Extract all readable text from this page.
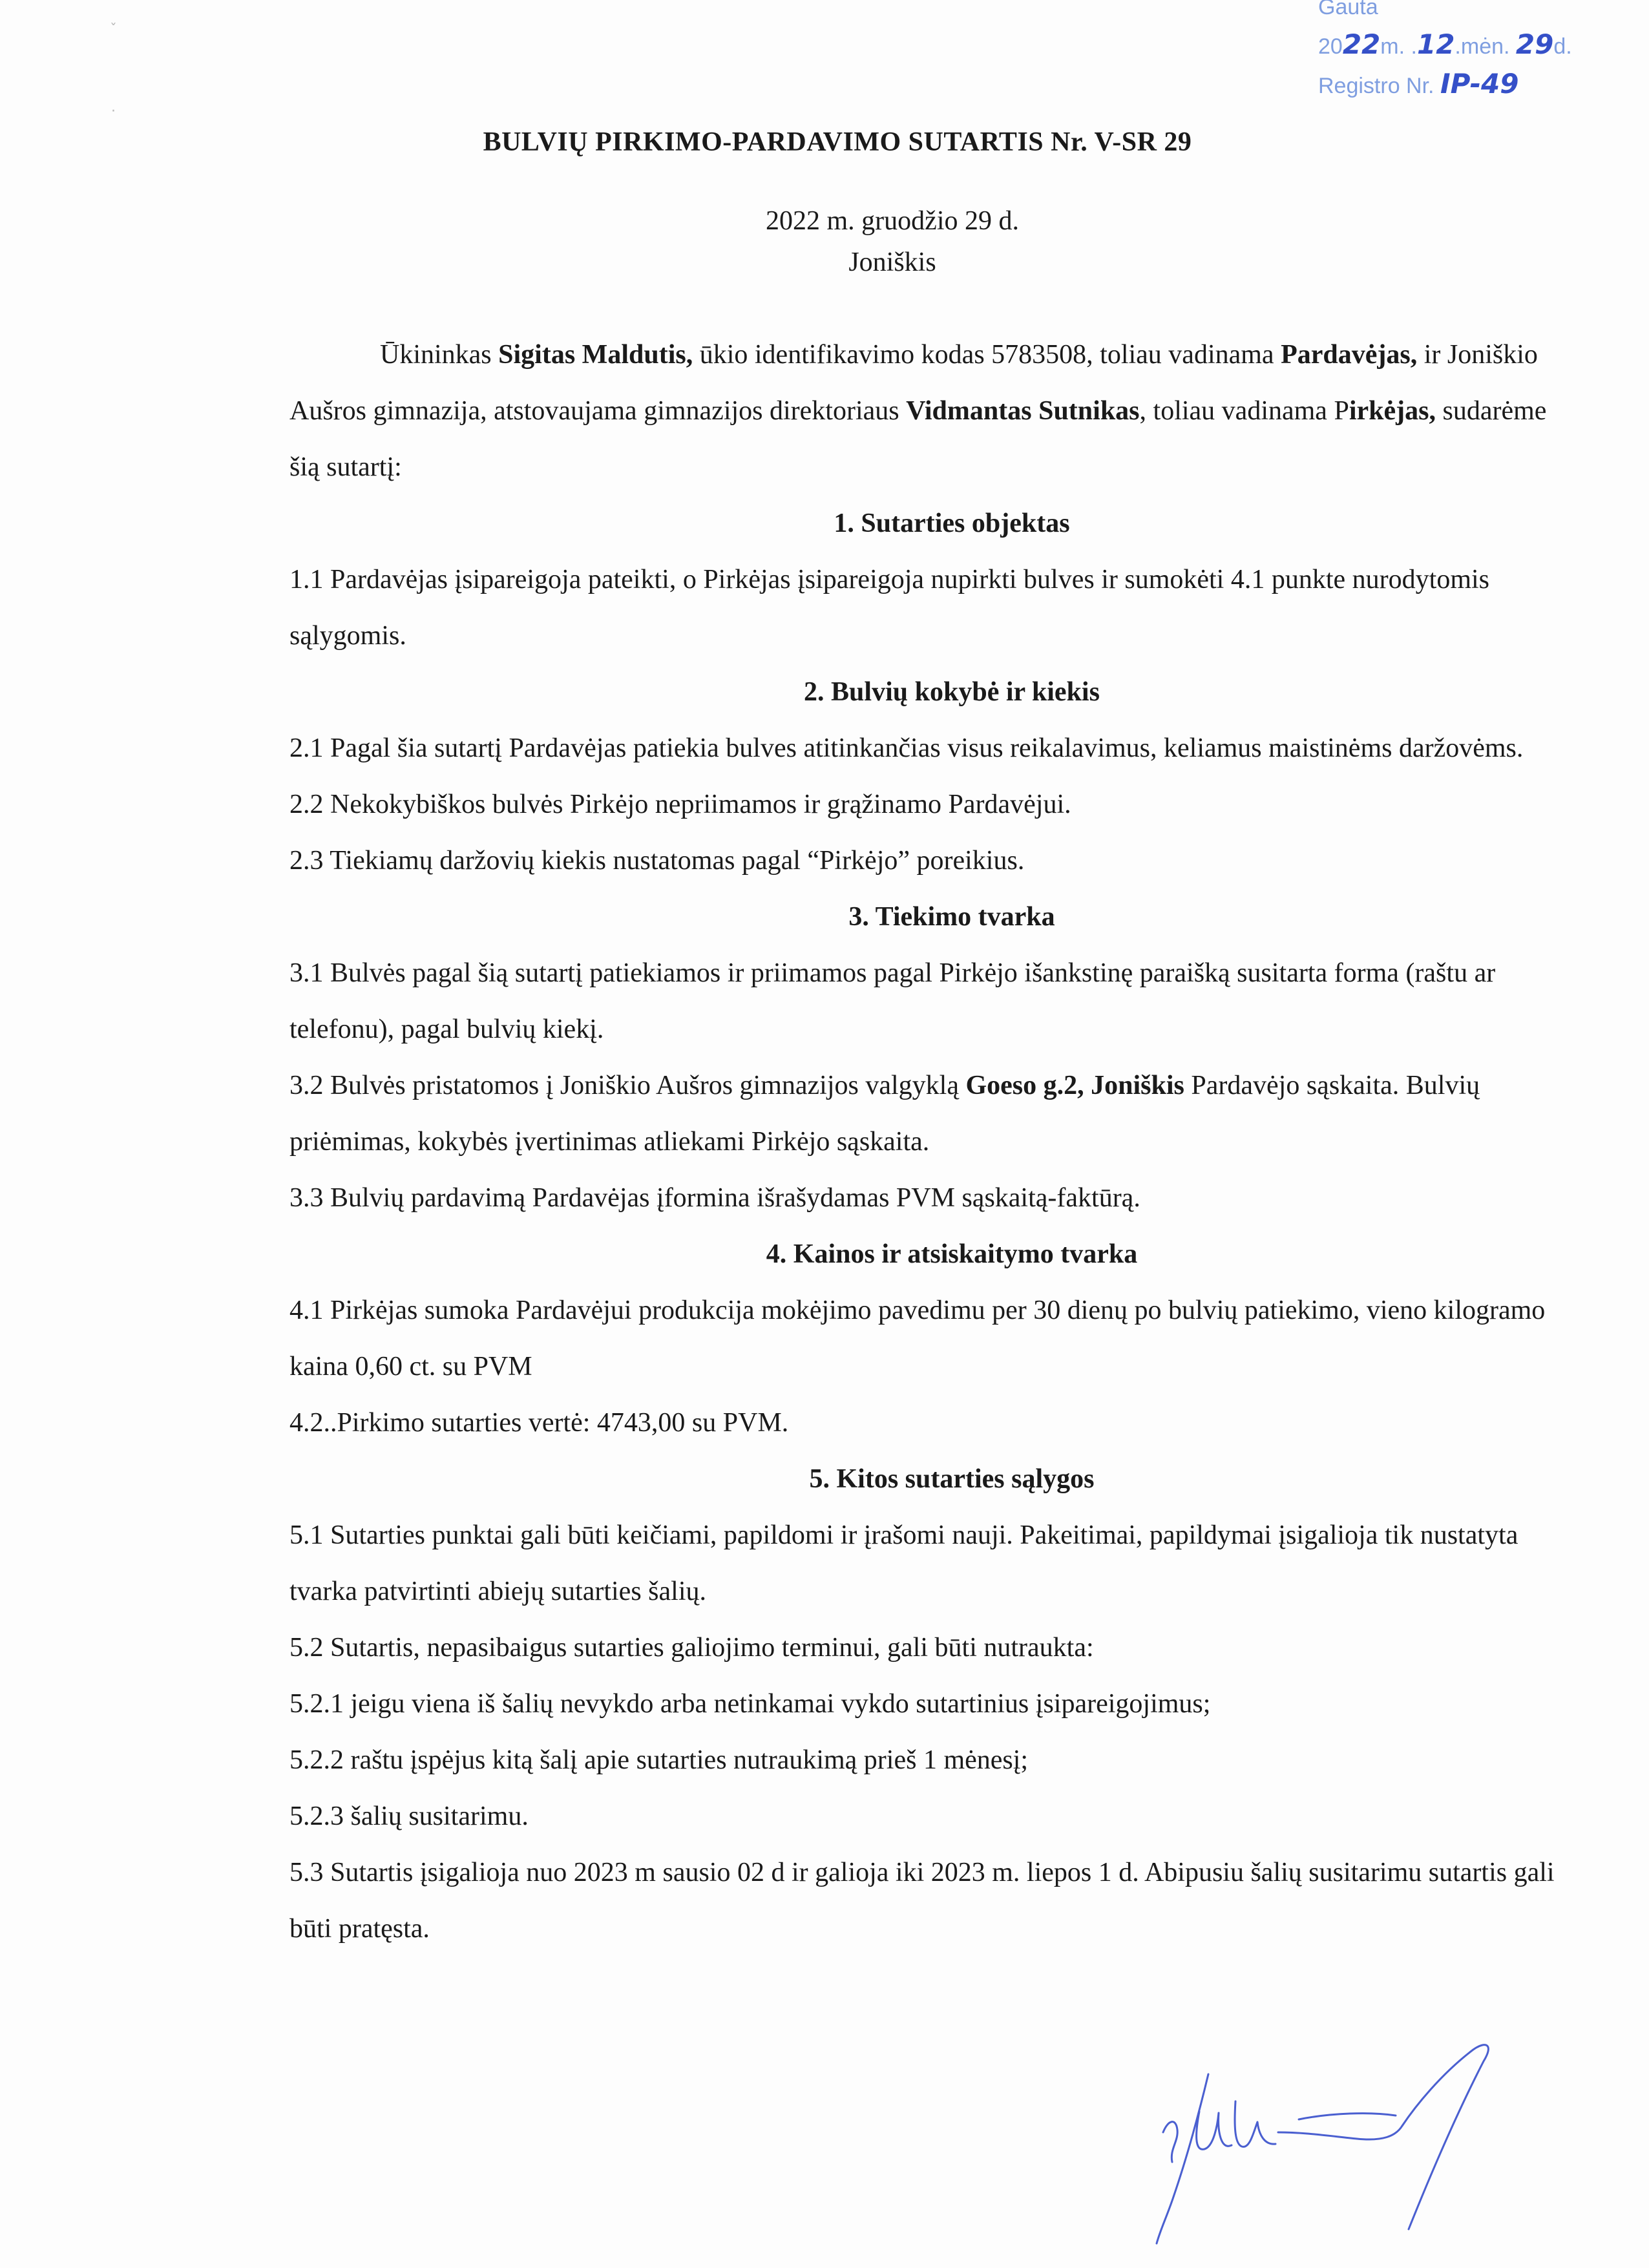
ˇ
·
Gauta
2022m. .12.mėn. 29d.
Registro Nr. IP-49
BULVIŲ PIRKIMO-PARDAVIMO SUTARTIS Nr. V-SR 29
2022 m. gruodžio 29 d.
Joniškis

Ūkininkas Sigitas Maldutis, ūkio identifikavimo kodas 5783508, toliau vadinama Pardavėjas, ir Joniškio Aušros gimnazija, atstovaujama gimnazijos direktoriaus Vidmantas Sutnikas, toliau vadinama Pirkėjas, sudarėme šią sutartį:

1. Sutarties objektas

1.1 Pardavėjas įsipareigoja pateikti, o Pirkėjas įsipareigoja nupirkti bulves ir sumokėti 4.1 punkte nurodytomis sąlygomis.

2. Bulvių kokybė ir kiekis

2.1 Pagal šia sutartį Pardavėjas patiekia bulves atitinkančias visus reikalavimus, keliamus maistinėms daržovėms.

2.2 Nekokybiškos bulvės Pirkėjo nepriimamos ir grąžinamo Pardavėjui.

2.3 Tiekiamų daržovių kiekis nustatomas pagal “Pirkėjo” poreikius.

3. Tiekimo tvarka

3.1 Bulvės pagal šią sutartį patiekiamos ir priimamos pagal Pirkėjo išankstinę paraišką susitarta forma (raštu ar telefonu), pagal bulvių kiekį.

3.2 Bulvės pristatomos į Joniškio Aušros gimnazijos valgyklą Goeso g.2, Joniškis Pardavėjo sąskaita. Bulvių priėmimas, kokybės įvertinimas atliekami Pirkėjo sąskaita.

3.3 Bulvių pardavimą Pardavėjas įformina išrašydamas PVM sąskaitą-faktūrą.

4. Kainos ir atsiskaitymo tvarka

4.1 Pirkėjas sumoka Pardavėjui produkcija mokėjimo pavedimu per 30 dienų po bulvių patiekimo, vieno kilogramo kaina 0,60 ct. su PVM

4.2..Pirkimo sutarties vertė: 4743,00 su PVM.

5. Kitos sutarties sąlygos

5.1 Sutarties punktai gali būti keičiami, papildomi ir įrašomi nauji. Pakeitimai, papildymai įsigalioja tik nustatyta tvarka patvirtinti abiejų sutarties šalių.

5.2 Sutartis, nepasibaigus sutarties galiojimo terminui, gali būti nutraukta:

5.2.1 jeigu viena iš šalių nevykdo arba netinkamai vykdo sutartinius įsipareigojimus;

5.2.2 raštu įspėjus kitą šalį apie sutarties nutraukimą prieš 1 mėnesį;

5.2.3 šalių susitarimu.

5.3 Sutartis įsigalioja nuo 2023 m sausio 02 d ir galioja iki 2023 m. liepos 1 d. Abipusiu šalių susitarimu sutartis gali būti pratęsta.
